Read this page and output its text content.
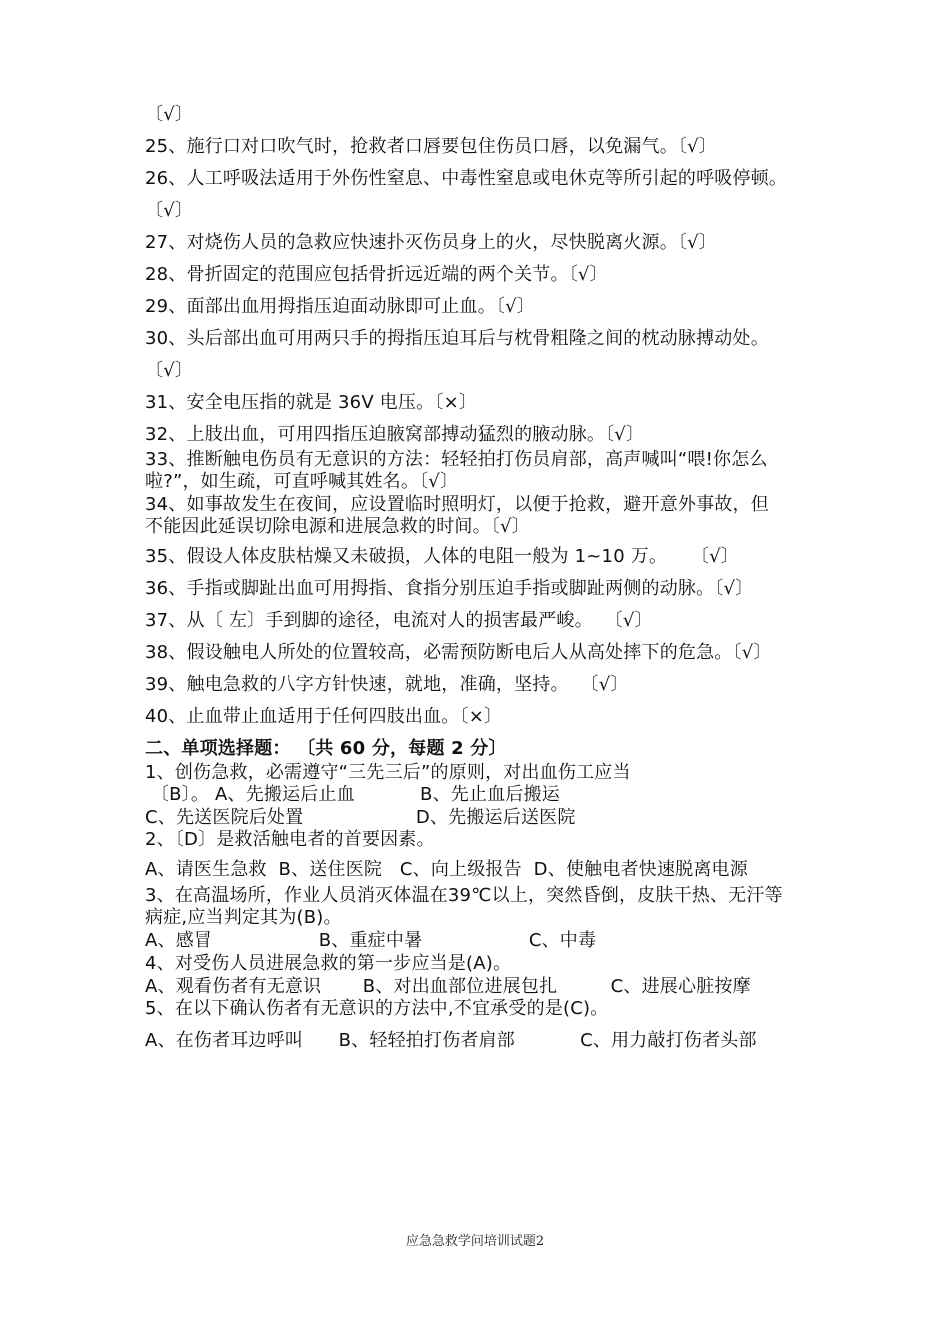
〔√〕
25、施行口对口吹气时，抢救者口唇要包住伤员口唇，以免漏气。〔√〕
26、人工呼吸法适用于外伤性窒息、中毒性窒息或电休克等所引起的呼吸停顿。
〔√〕
27、对烧伤人员的急救应快速扑灭伤员身上的火，尽快脱离火源。〔√〕
28、骨折固定的范围应包括骨折远近端的两个关节。〔√〕
29、面部出血用拇指压迫面动脉即可止血。〔√〕
30、头后部出血可用两只手的拇指压迫耳后与枕骨粗隆之间的枕动脉搏动处。
〔√〕
31、安全电压指的就是 36V 电压。〔×〕
32、上肢出血，可用四指压迫腋窝部搏动猛烈的腋动脉。〔√〕
33、推断触电伤员有无意识的方法：轻轻拍打伤员肩部，高声喊叫“喂!你怎么
啦?”，如生疏，可直呼喊其姓名。〔√〕
34、如事故发生在夜间，应设置临时照明灯，以便于抢救，避开意外事故，但
不能因此延误切除电源和进展急救的时间。〔√〕
35、假设人体皮肤枯燥又未破损，人体的电阻一般为 1~10 万。    〔√〕
36、手指或脚趾出血可用拇指、食指分别压迫手指或脚趾两侧的动脉。〔√〕
37、从〔 左〕手到脚的途径，电流对人的损害最严峻。  〔√〕
38、假设触电人所处的位置较高，必需预防断电后人从高处摔下的危急。〔√〕
39、触电急救的八字方针快速，就地，准确，坚持。  〔√〕
40、止血带止血适用于任何四肢出血。〔×〕
二、单项选择题： 〔共 60 分，每题 2 分〕
1、创伤急救，必需遵守“三先三后”的原则，对出血伤工应当
〔B〕。 A、先搬运后止血           B、先止血后搬运
C、先送医院后处置                   D、先搬运后送医院
2、〔D〕是救活触电者的首要因素。
A、请医生急救  B、送住医院   C、向上级报告  D、使触电者快速脱离电源
3、在高温场所，作业人员消灭体温在39℃以上，突然昏倒，皮肤干热、无汗等
病症,应当判定其为(B)。
A、感冒                  B、重症中暑                  C、中毒
4、对受伤人员进展急救的第一步应当是(A)。
A、观看伤者有无意识       B、对出血部位进展包扎         C、进展心脏按摩
5、在以下确认伤者有无意识的方法中,不宜承受的是(C)。
A、在伤者耳边呼叫      B、轻轻拍打伤者肩部           C、用力敲打伤者头部
应急急救学问培训试题2
